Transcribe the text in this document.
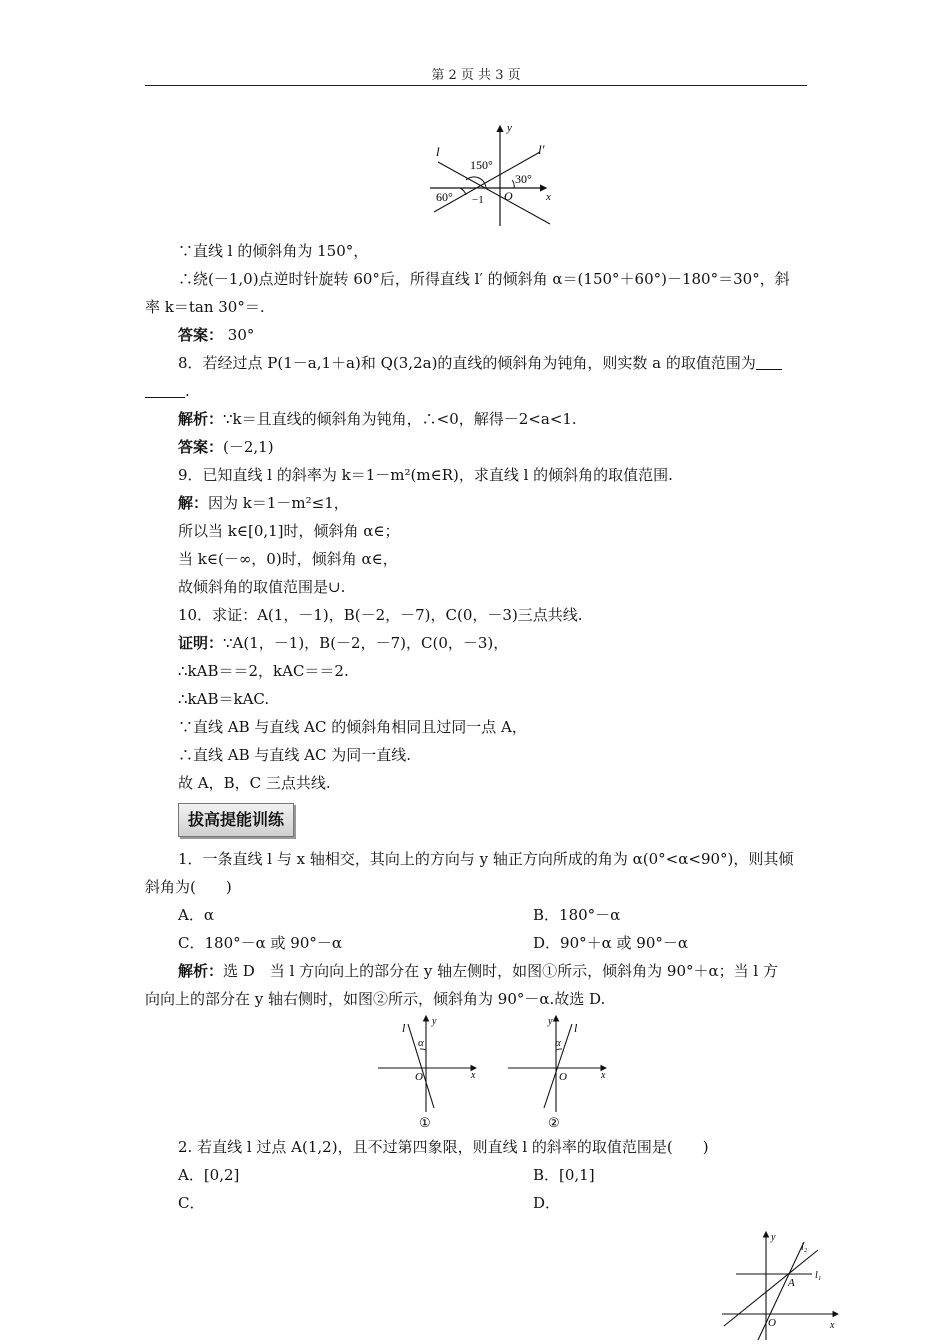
第 2 页 共 3 页
l	l′
150°
30°
60° −1 O	x
y
∵直线 l 的倾斜角为 150°，
∴绕(－1,0)点逆时针旋转 60°后，所得直线 l′ 的倾斜角 α＝(150°＋60°)－180°＝30°，斜
率 k＝tan 30°＝.
答案： 30°
8．若经过点 P(1－a,1＋a)和 Q(3,2a)的直线的倾斜角为钝角，则实数 a 的取值范围为
.
解析：∵k＝且直线的倾斜角为钝角，∴<0，解得－2<a<1.
答案：(－2,1)
9．已知直线 l 的斜率为 k＝1－m²(m∈R)，求直线 l 的倾斜角的取值范围.
解：因为 k＝1－m²≤1，
所以当 k∈[0,1]时，倾斜角 α∈；
当 k∈(－∞，0)时，倾斜角 α∈，
故倾斜角的取值范围是∪.
10．求证：A(1，－1)，B(－2，－7)，C(0，－3)三点共线.
证明：∵A(1，－1)，B(－2，－7)，C(0，－3)，
∴kAB＝＝2，kAC＝＝2.
∴kAB＝kAC.
∵直线 AB 与直线 AC 的倾斜角相同且过同一点 A，
∴直线 AB 与直线 AC 为同一直线.
故 A，B，C 三点共线.
拔高提能训练
1．一条直线 l 与 x 轴相交，其向上的方向与 y 轴正方向所成的角为 α(0°<α<90°)，则其倾
斜角为(　　)
A．α	B．180°－α
C．180°－α 或 90°－α	D．90°＋α 或 90°－α
解析：选 D　当 l 方向向上的部分在 y 轴左侧时，如图①所示，倾斜角为 90°＋α；当 l 方
向向上的部分在 y 轴右侧时，如图②所示，倾斜角为 90°－α.故选 D.
l
α
O	x
y
①
l
α
O	x
y
②
2. 若直线 l 过点 A(1,2)，且不过第四象限，则直线 l 的斜率的取值范围是(　　)
A．[0,2]	B．[0,1]
C．	D．
y
l₂
l₁
A
O	x
